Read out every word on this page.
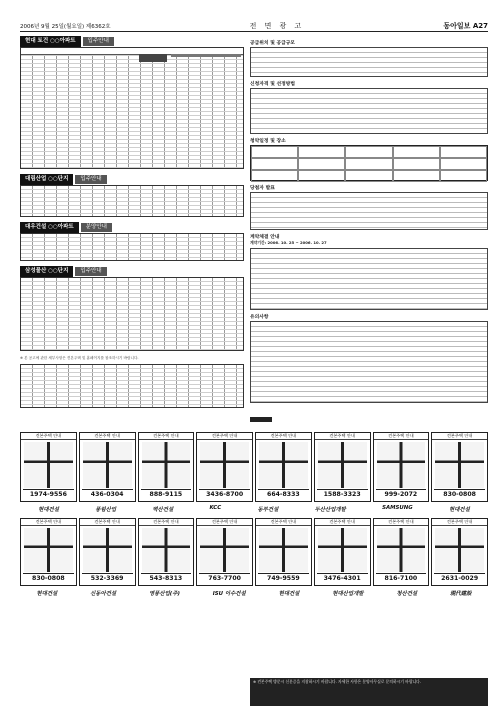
2006년 9월 25일(월요일) 제6362호	전 면 광 고	동아일보 A27
현대 토건 ○○아파트	입주안내

대림산업 ○○단지	입주안내
대우건설 ○○아파트	분양안내
삼성물산 ○○단지	입주안내
※ 본 공고에 관한 세부사항은 견본주택 및 홈페이지를 참조하시기 바랍니다.
공급위치 및 공급규모
신청자격 및 선정방법
청약일정 및 장소
당첨자 발표
계약체결 안내
계약기간: 2006. 10. 25 ~ 2006. 10. 27
유의사항

견본주택 안내
1974-9556
견본주택 안내
436-0304
견본주택 안내
888-9115
견본주택 안내
3436-8700
견본주택 안내
664-8333
견본주택 안내
1588-3323
견본주택 안내
999-2072
견본주택 안내
830-0808
현대건설	풍림산업	벽산건설	KCC	동부건설	두산산업개발	SAMSUNG	현대건설
견본주택 안내
830-0808
견본주택 안내
532-3369
견본주택 안내
543-8313
견본주택 안내
763-7700
견본주택 안내
749-9559
견본주택 안내
3476-4301
견본주택 안내
816-7100
견본주택 안내
2631-0029
현대건설	신동아건설	영풍산업(주)	ISU 이수건설	현대건설	현대산업개발	청산건설	現代建設
※ 견본주택 방문시 신분증을 지참하시기 바랍니다. 자세한 사항은 분양사무실로 문의하시기 바랍니다.
